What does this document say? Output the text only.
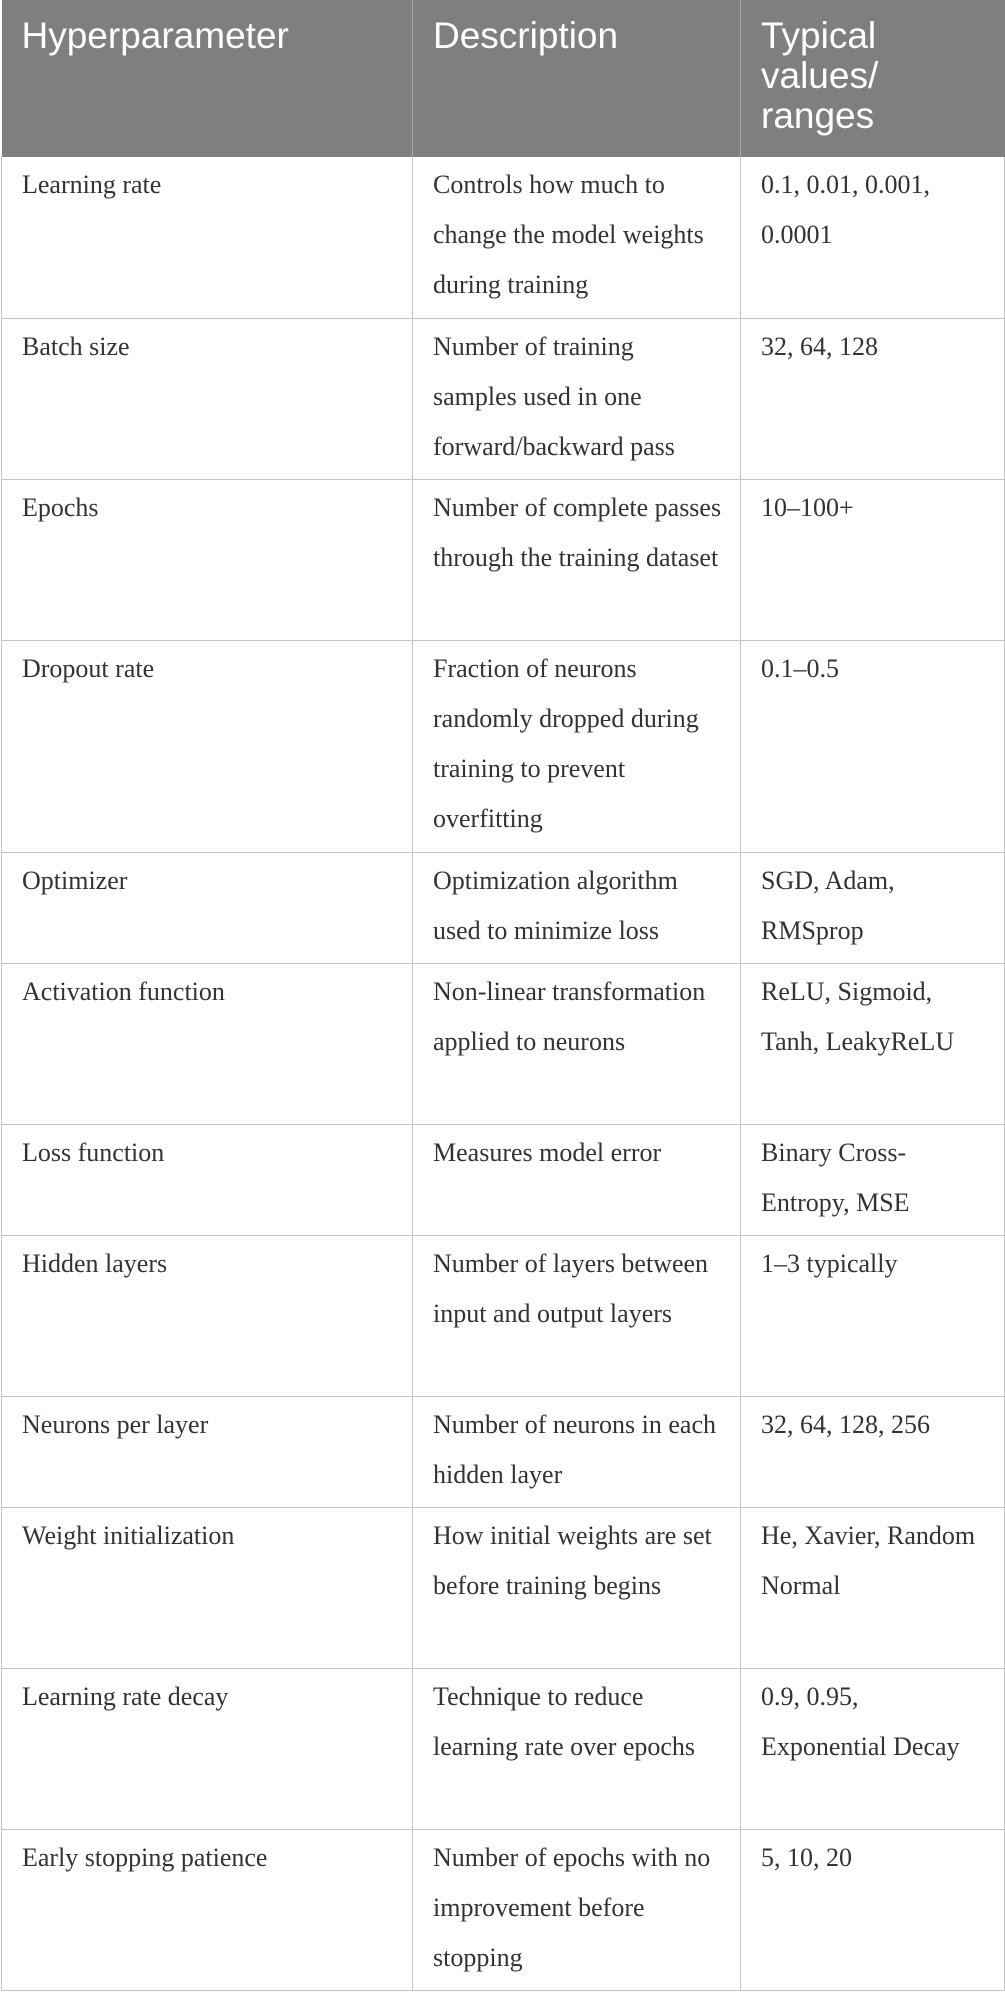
Hyperparameter	Description	Typical values/ ranges
Learning rate	Controls how much to change the model weights during training	0.1, 0.01, 0.001, 0.0001
Batch size	Number of training samples used in one forward/backward pass	32, 64, 128
Epochs	Number of complete passes through the training dataset	10–100+
Dropout rate	Fraction of neurons randomly dropped during training to prevent overfitting	0.1–0.5
Optimizer	Optimization algorithm used to minimize loss	SGD, Adam, RMSprop
Activation function	Non-linear transformation applied to neurons	ReLU, Sigmoid, Tanh, LeakyReLU
Loss function	Measures model error	Binary Cross-Entropy, MSE
Hidden layers	Number of layers between input and output layers	1–3 typically
Neurons per layer	Number of neurons in each hidden layer	32, 64, 128, 256
Weight initialization	How initial weights are set before training begins	He, Xavier, Random Normal
Learning rate decay	Technique to reduce learning rate over epochs	0.9, 0.95, Exponential Decay
Early stopping patience	Number of epochs with no improvement before stopping	5, 10, 20
